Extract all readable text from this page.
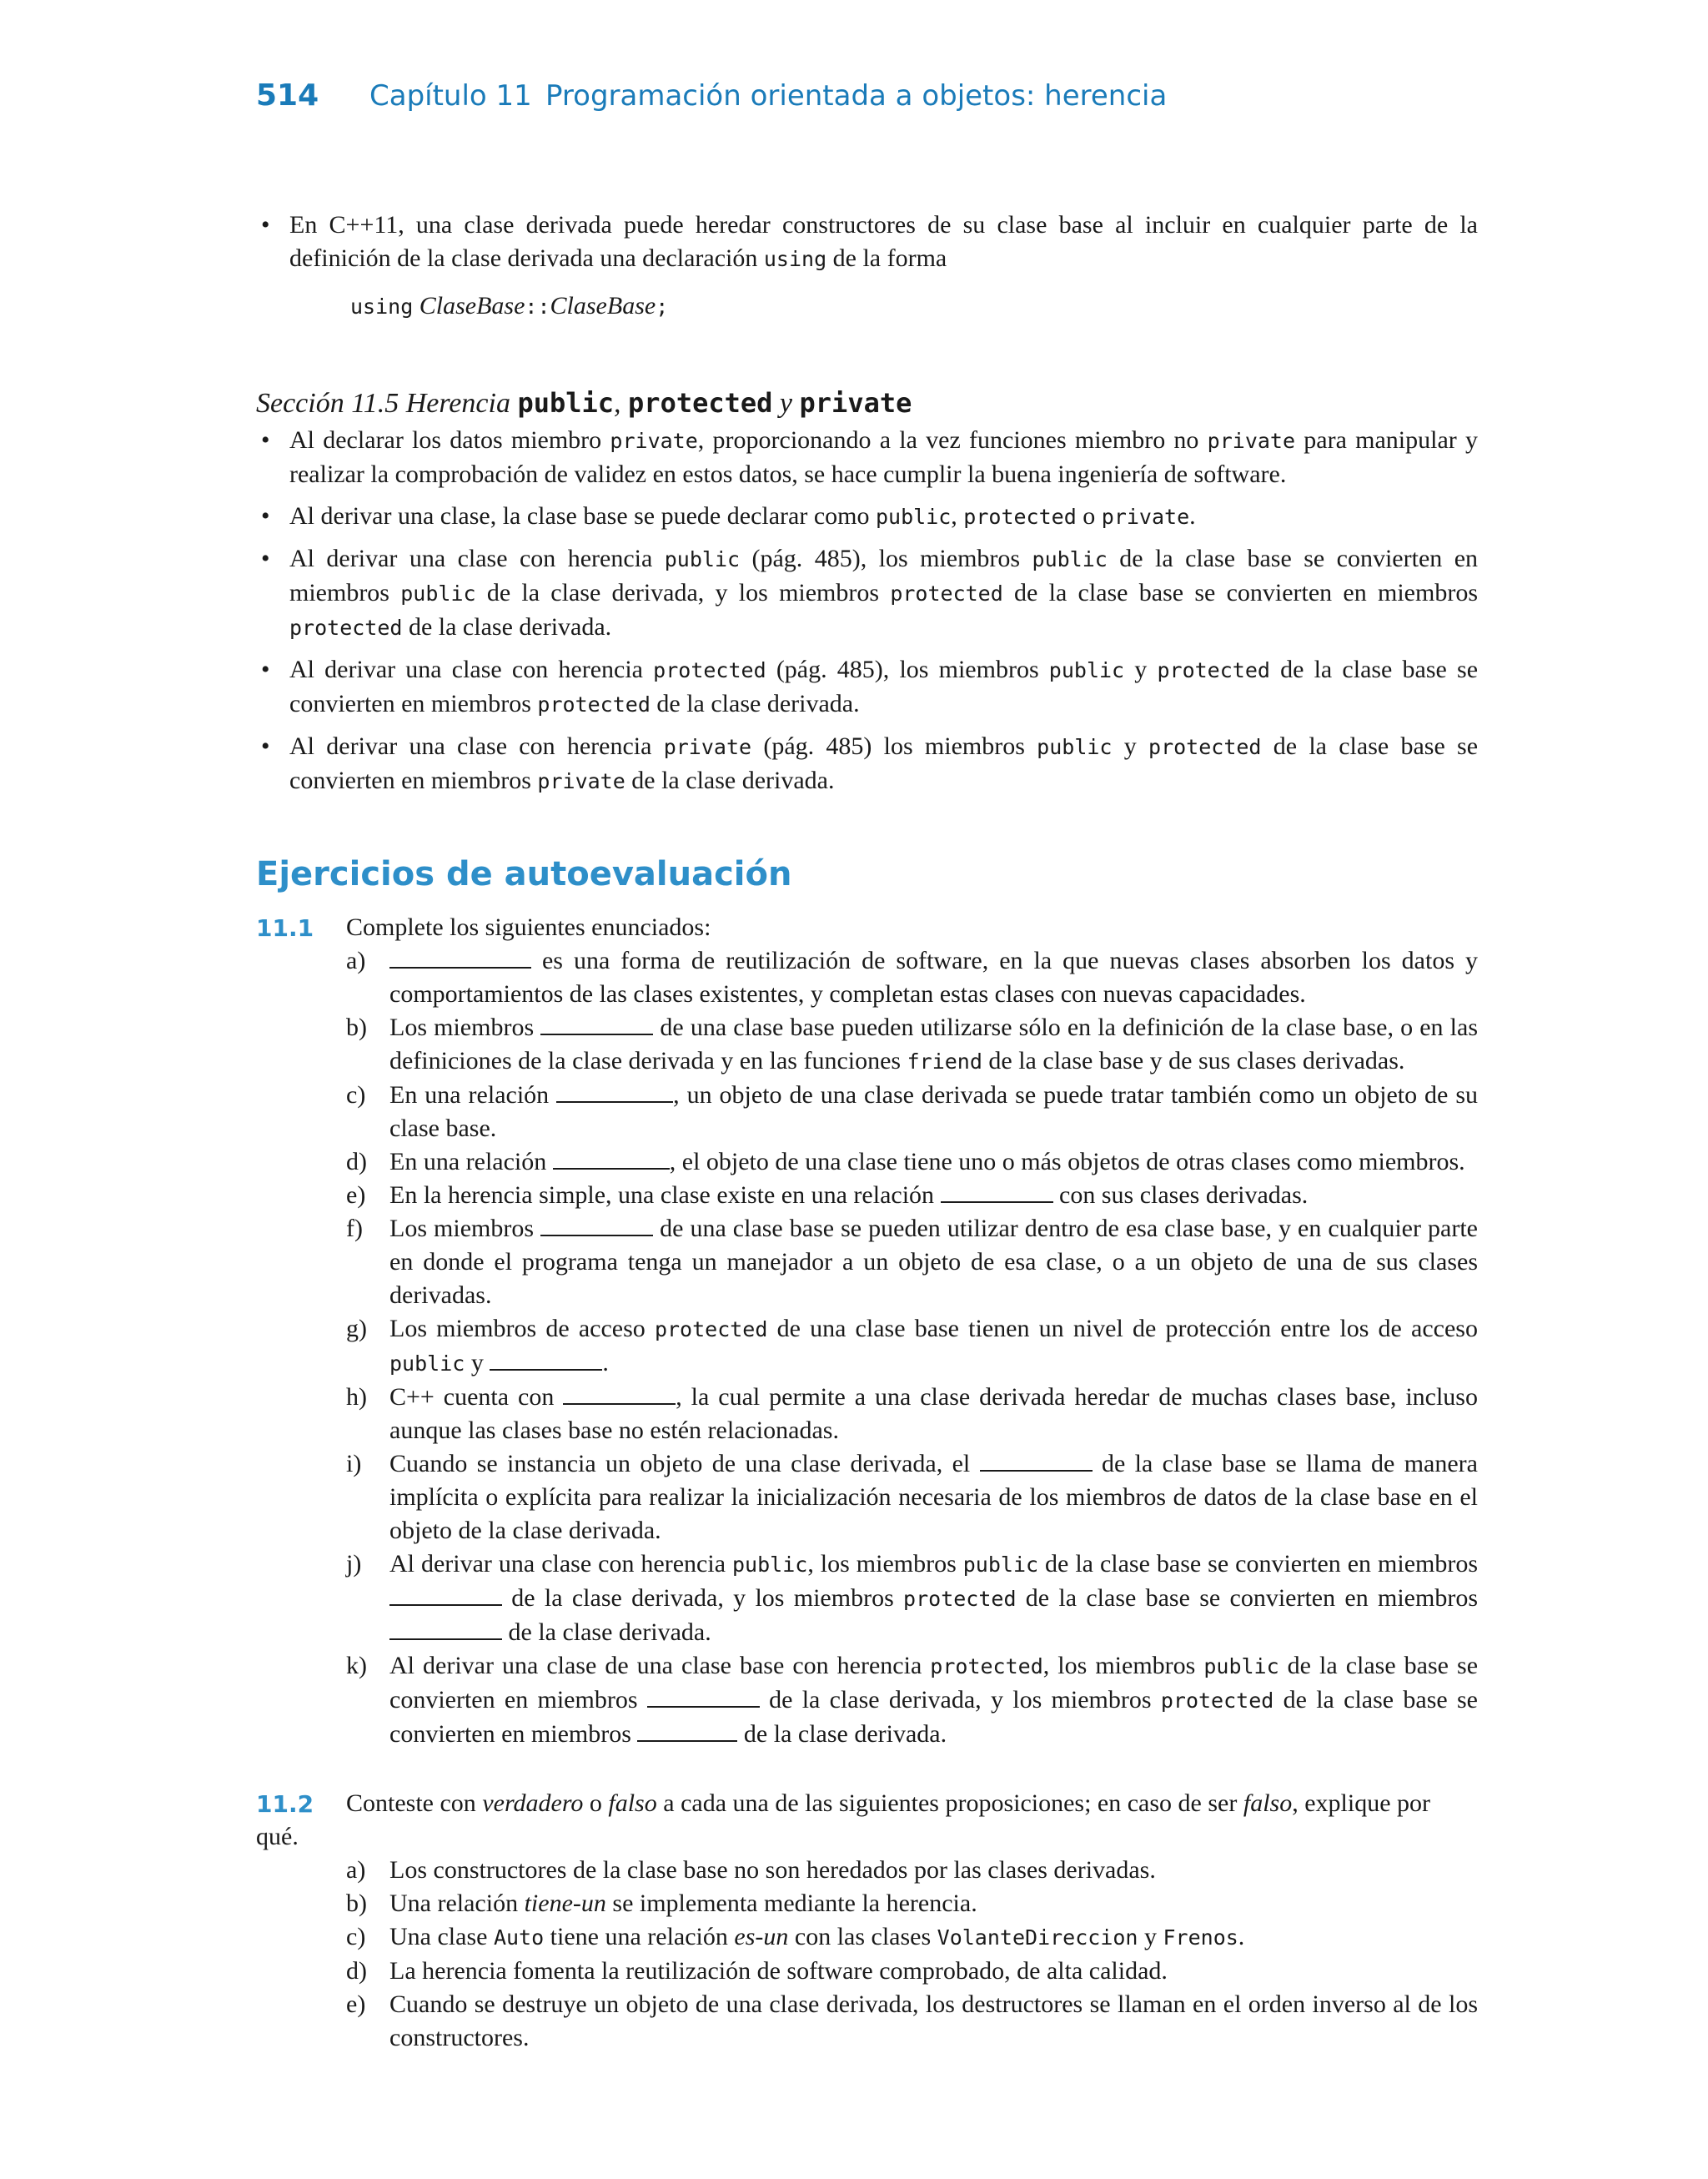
514 Capítulo 11 Programación orientada a objetos: herencia
• En C++11, una clase derivada puede heredar constructores de su clase base al incluir en cualquier parte de la definición de la clase derivada una declaración using de la forma
using ClaseBase::ClaseBase;
Sección 11.5 Herencia public, protected y private
• Al declarar los datos miembro private, proporcionando a la vez funciones miembro no private para manipular y realizar la comprobación de validez en estos datos, se hace cumplir la buena ingeniería de software.
• Al derivar una clase, la clase base se puede declarar como public, protected o private.
• Al derivar una clase con herencia public (pág. 485), los miembros public de la clase base se convierten en miembros public de la clase derivada, y los miembros protected de la clase base se convierten en miembros protected de la clase derivada.
• Al derivar una clase con herencia protected (pág. 485), los miembros public y protected de la clase base se convierten en miembros protected de la clase derivada.
• Al derivar una clase con herencia private (pág. 485) los miembros public y protected de la clase base se convierten en miembros private de la clase derivada.
Ejercicios de autoevaluación
11.1 Complete los siguientes enunciados:
a)	es una forma de reutilización de software, en la que nuevas clases absorben los datos y comportamientos de las clases existentes, y completan estas clases con nuevas capacidades.
b) Los miembros	de una clase base pueden utilizarse sólo en la definición de la clase base, o en las definiciones de la clase derivada y en las funciones friend de la clase base y de sus clases derivadas.
c) En una relación	, un objeto de una clase derivada se puede tratar también como un objeto de su clase base.
d) En una relación	, el objeto de una clase tiene uno o más objetos de otras clases como miembros.
e) En la herencia simple, una clase existe en una relación	con sus clases derivadas.
f) Los miembros	de una clase base se pueden utilizar dentro de esa clase base, y en cualquier parte en donde el programa tenga un manejador a un objeto de esa clase, o a un objeto de una de sus clases derivadas.
g) Los miembros de acceso protected de una clase base tienen un nivel de protección entre los de acceso public y	.
h) C++ cuenta con	, la cual permite a una clase derivada heredar de muchas clases base, incluso aunque las clases base no estén relacionadas.
i) Cuando se instancia un objeto de una clase derivada, el	de la clase base se llama de manera implícita o explícita para realizar la inicialización necesaria de los miembros de datos de la clase base en el objeto de la clase derivada.
j) Al derivar una clase con herencia public, los miembros public de la clase base se convierten en miembros  de la clase derivada, y los miembros protected de la clase base se convierten en miembros  de la clase derivada.
k) Al derivar una clase de una clase base con herencia protected, los miembros public de la clase base se convierten en miembros	de la clase derivada, y los miembros protected de la clase base se convierten en miembros	de la clase derivada.
11.2 Conteste con verdadero o falso a cada una de las siguientes proposiciones; en caso de ser falso, explique por
qué.
a) Los constructores de la clase base no son heredados por las clases derivadas.
b) Una relación tiene-un se implementa mediante la herencia.
c) Una clase Auto tiene una relación es-un con las clases VolanteDireccion y Frenos.
d) La herencia fomenta la reutilización de software comprobado, de alta calidad.
e) Cuando se destruye un objeto de una clase derivada, los destructores se llaman en el orden inverso al de los constructores.
